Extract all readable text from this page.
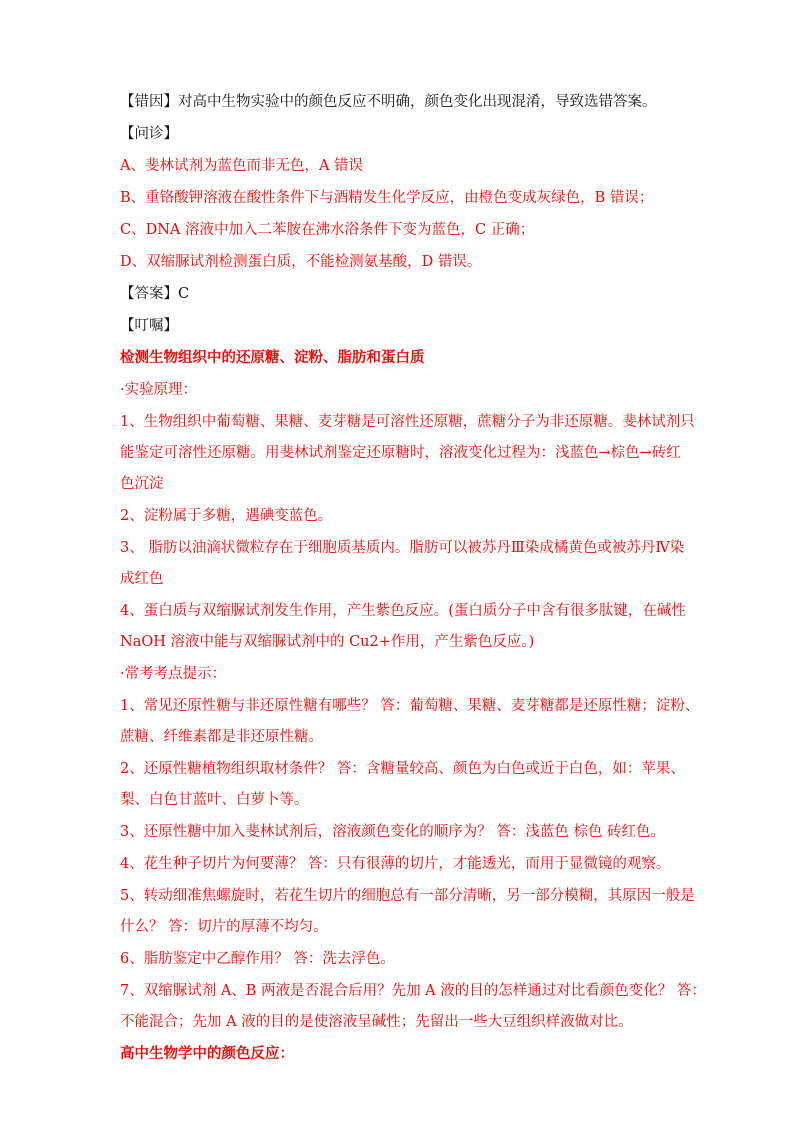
【错因】对高中生物实验中的颜色反应不明确，颜色变化出现混淆，导致选错答案。
【问诊】
A、斐林试剂为蓝色而非无色，A 错误
B、重铬酸钾溶液在酸性条件下与酒精发生化学反应，由橙色变成灰绿色，B 错误；
C、DNA 溶液中加入二苯胺在沸水浴条件下变为蓝色，C 正确；
D、双缩脲试剂检测蛋白质，不能检测氨基酸，D 错误。
【答案】C
【叮嘱】
检测生物组织中的还原糖、淀粉、脂肪和蛋白质
·实验原理：
1、生物组织中葡萄糖、果糖、麦芽糖是可溶性还原糖，蔗糖分子为非还原糖。斐林试剂只
能鉴定可溶性还原糖。用斐林试剂鉴定还原糖时，溶液变化过程为：浅蓝色→棕色→砖红
色沉淀
2、淀粉属于多糖，遇碘变蓝色。
3、 脂肪以油滴状微粒存在于细胞质基质内。脂肪可以被苏丹Ⅲ染成橘黄色或被苏丹Ⅳ染
成红色
4、蛋白质与双缩脲试剂发生作用，产生紫色反应。(蛋白质分子中含有很多肽键，在碱性
NaOH 溶液中能与双缩脲试剂中的 Cu2+作用，产生紫色反应。)
·常考考点提示：
1、常见还原性糖与非还原性糖有哪些？ 答：葡萄糖、果糖、麦芽糖都是还原性糖；淀粉、
蔗糖、纤维素都是非还原性糖。
2、还原性糖植物组织取材条件？ 答：含糖量较高、颜色为白色或近于白色，如：苹果、
梨、白色甘蓝叶、白萝卜等。
3、还原性糖中加入斐林试剂后，溶液颜色变化的顺序为？ 答：浅蓝色 棕色 砖红色。
4、花生种子切片为何要薄？ 答：只有很薄的切片，才能透光，而用于显微镜的观察。
5、转动细准焦螺旋时，若花生切片的细胞总有一部分清晰，另一部分模糊，其原因一般是
什么？ 答：切片的厚薄不均匀。
6、脂肪鉴定中乙醇作用？ 答：洗去浮色。
7、双缩脲试剂 A、B 两液是否混合后用？先加 A 液的目的怎样通过对比看颜色变化？ 答：
不能混合；先加 A 液的目的是使溶液呈碱性；先留出一些大豆组织样液做对比。
高中生物学中的颜色反应：
